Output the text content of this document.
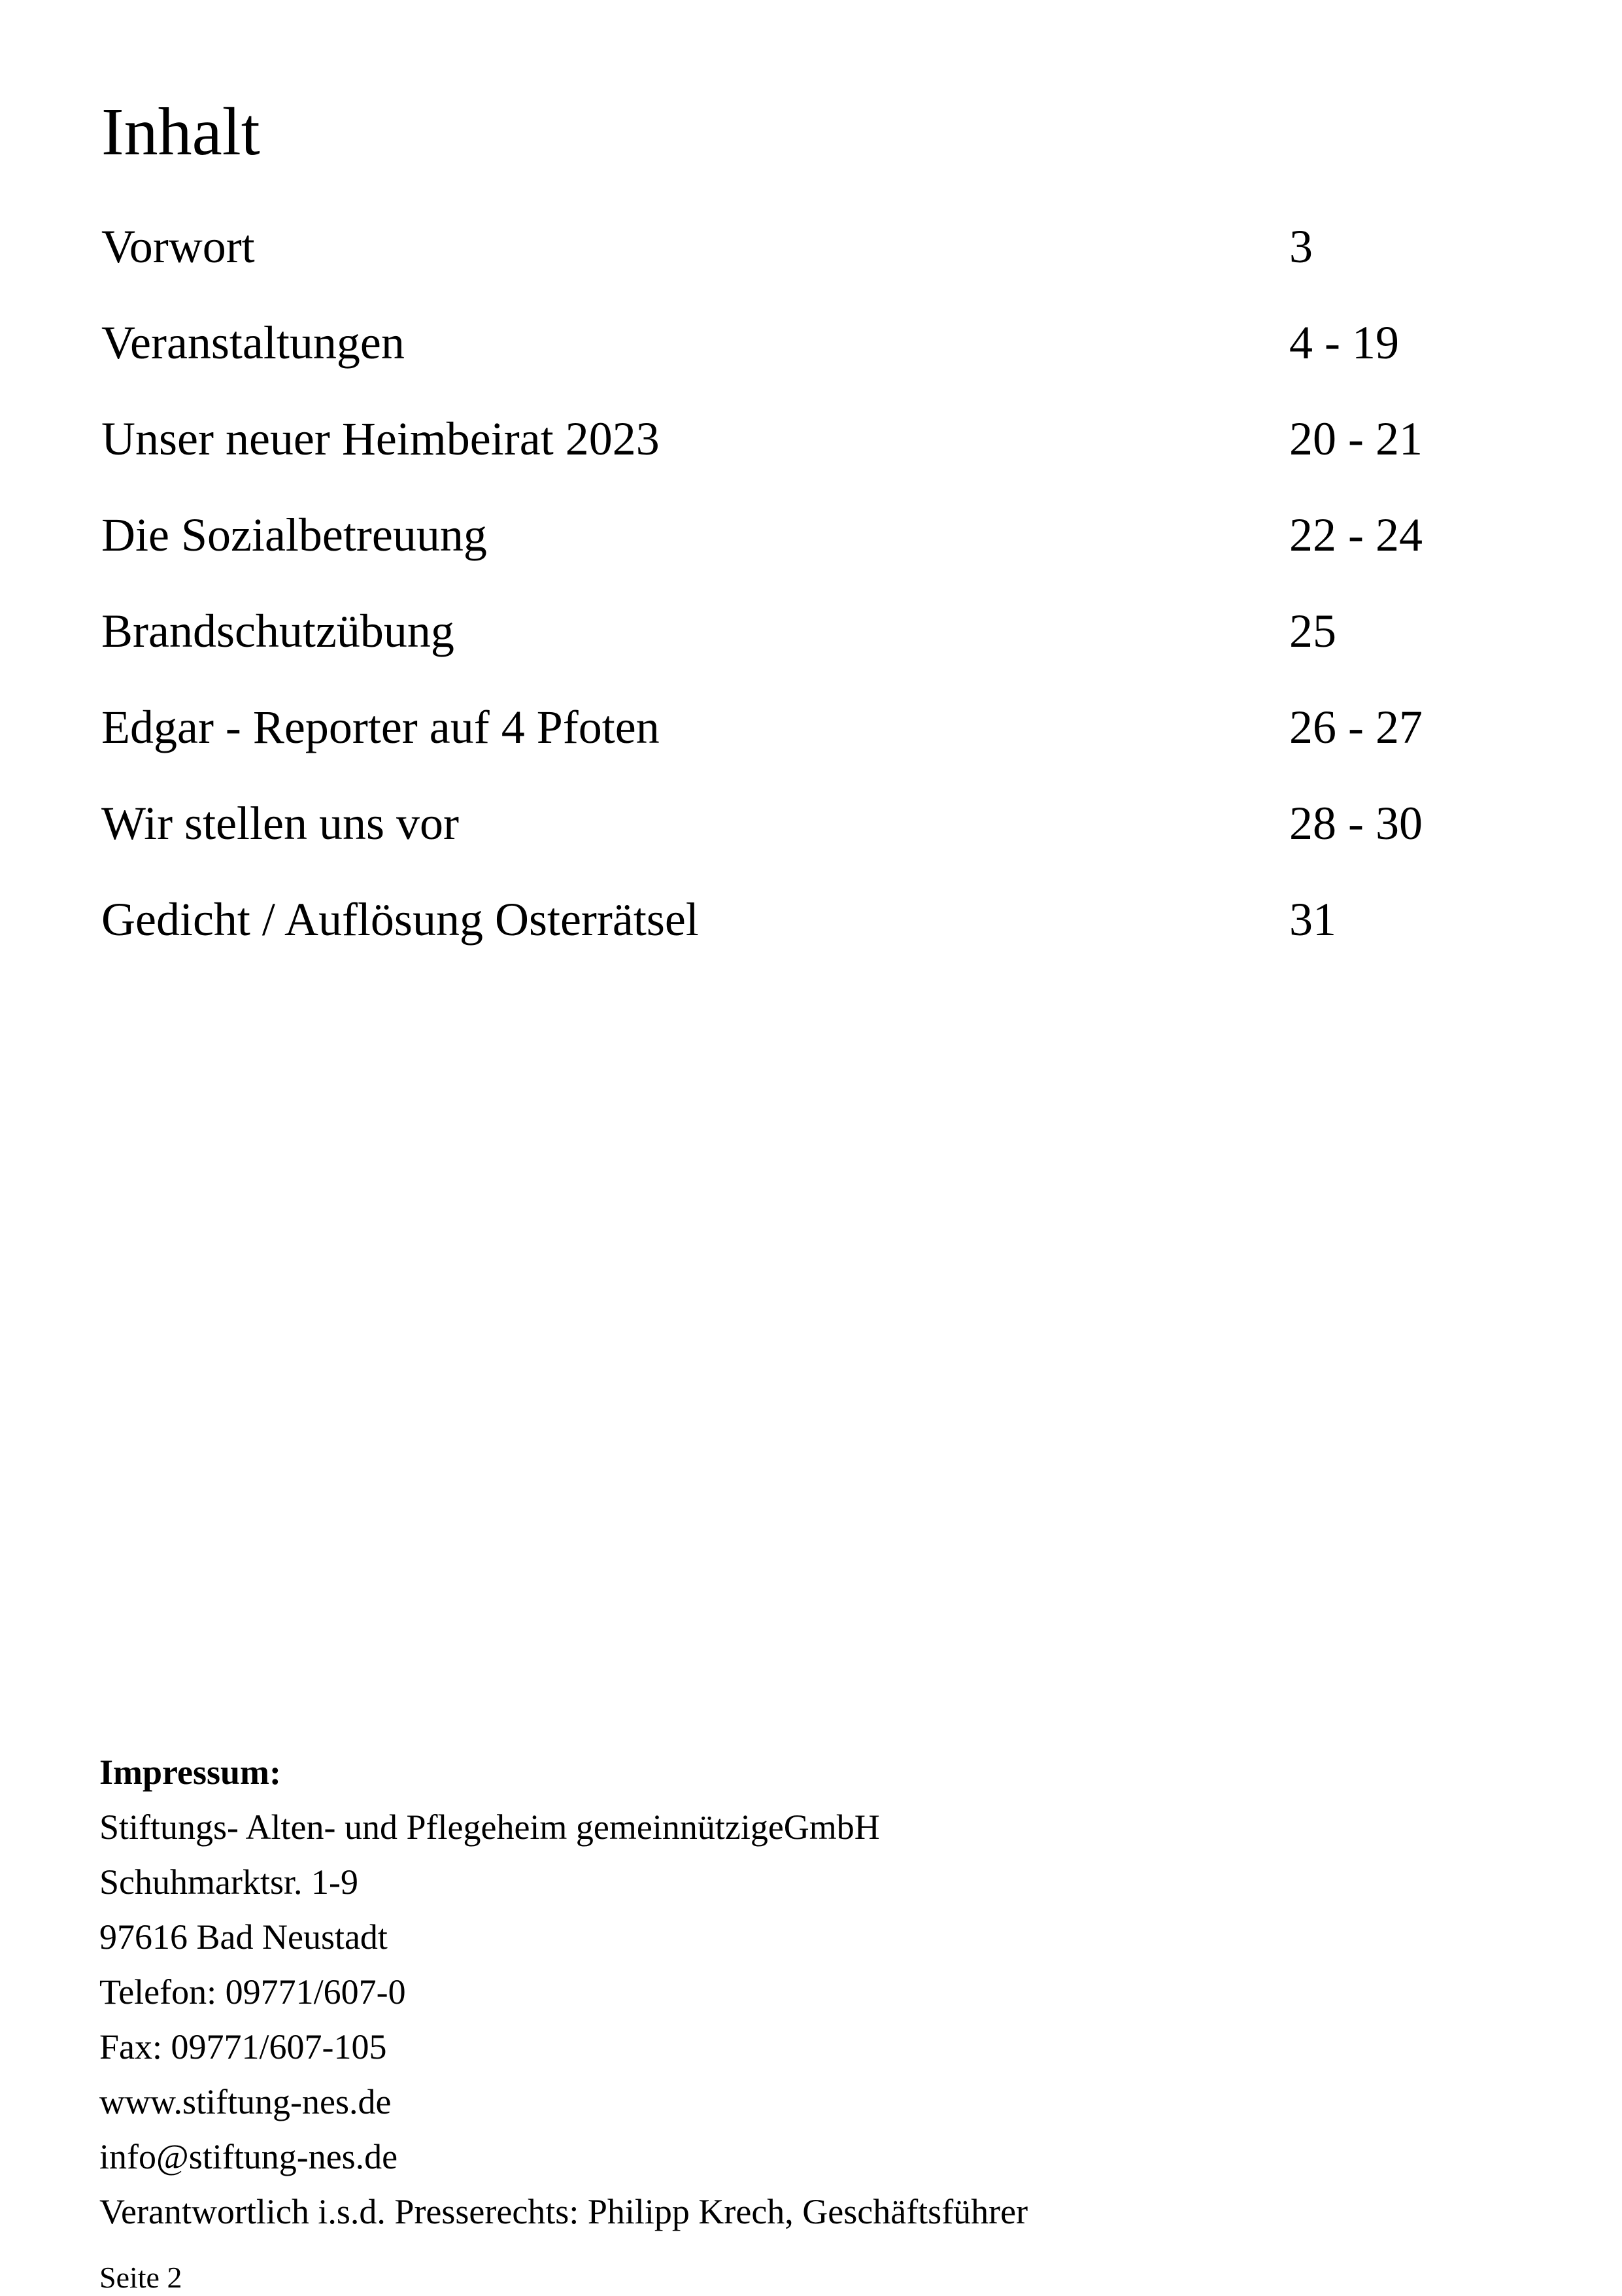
Inhalt
Vorwort	3
Veranstaltungen	4 - 19
Unser neuer Heimbeirat 2023	20 - 21
Die Sozialbetreuung	22 - 24
Brandschutzübung	25
Edgar - Reporter auf 4 Pfoten	26 - 27
Wir stellen uns vor	28 - 30
Gedicht / Auflösung Osterrätsel	31
Impressum:
Stiftungs- Alten- und Pflegeheim gemeinnützigeGmbH
Schuhmarktsr. 1-9
97616 Bad Neustadt
Telefon: 09771/607-0
Fax: 09771/607-105
www.stiftung-nes.de
info@stiftung-nes.de
Verantwortlich i.s.d. Presserechts: Philipp Krech, Geschäftsführer
Seite 2
